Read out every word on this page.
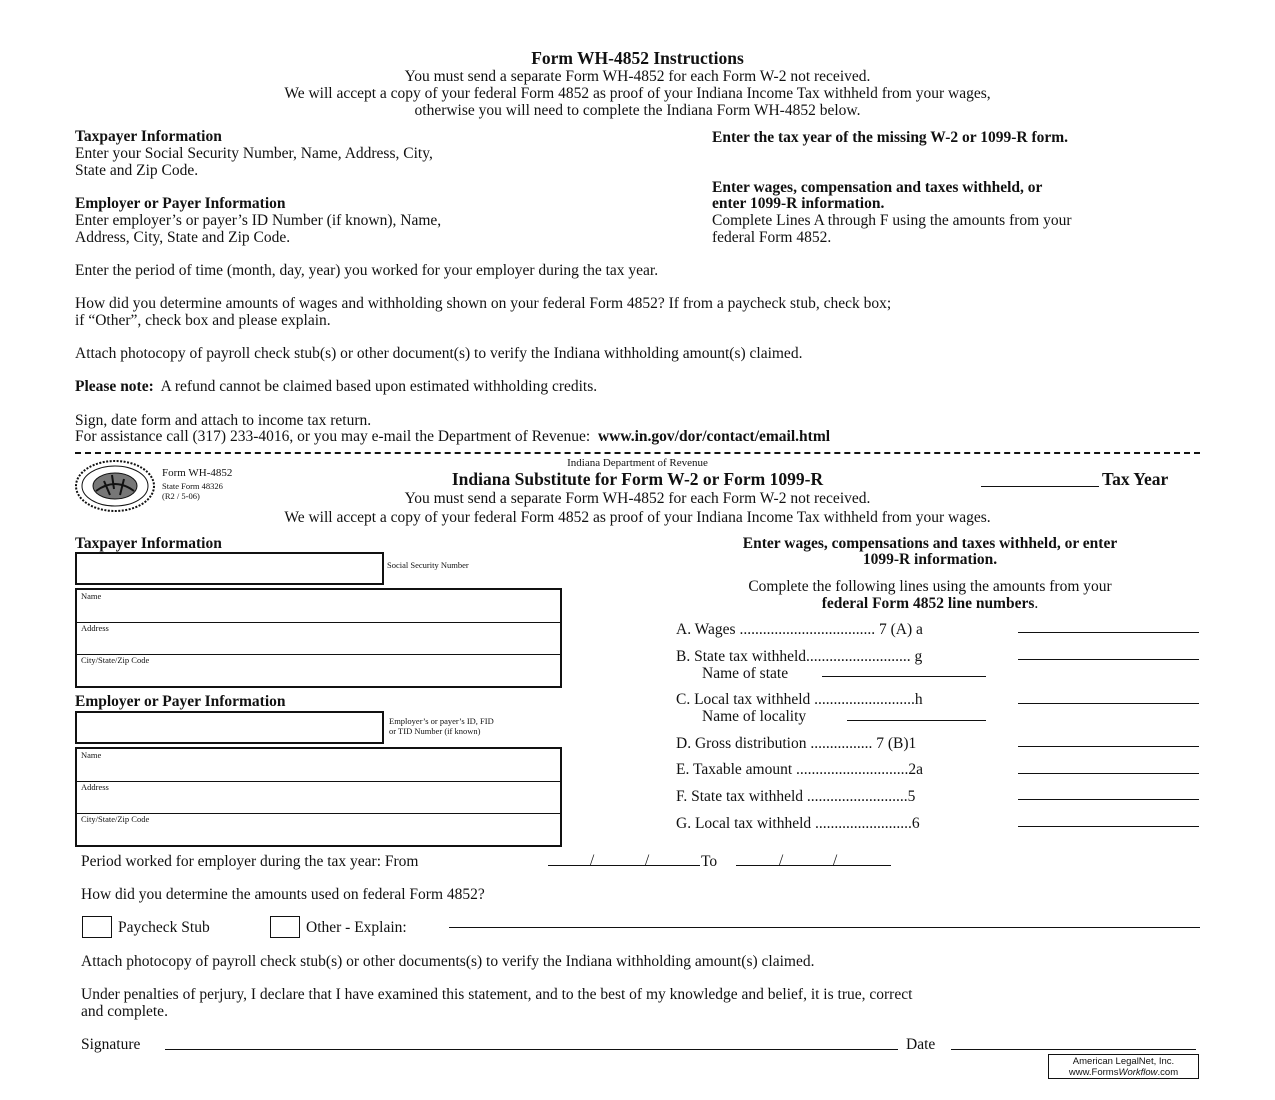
Form WH-4852 Instructions
You must send a separate Form WH-4852 for each Form W-2 not received.
We will accept a copy of your federal Form 4852 as proof of your Indiana Income Tax withheld from your wages,
otherwise you will need to complete the Indiana Form WH-4852 below.
Taxpayer Information
Enter your Social Security Number, Name, Address, City,
State and Zip Code.
Employer or Payer Information
Enter employer’s or payer’s ID Number (if known), Name,
Address, City, State and Zip Code.
Enter the tax year of the missing W-2 or 1099-R form.
Enter wages, compensation and taxes withheld, or
enter 1099-R information.
Complete Lines A through F using the amounts from your
federal Form 4852.
Enter the period of time (month, day, year) you worked for your employer during the tax year.
How did you determine amounts of wages and withholding shown on your federal Form 4852? If from a paycheck stub, check box;
if “Other”, check box and please explain.
Attach photocopy of payroll check stub(s) or other document(s) to verify the Indiana withholding amount(s) claimed.
Please note: A refund cannot be claimed based upon estimated withholding credits.
Sign, date form and attach to income tax return.
For assistance call (317) 233-4016, or you may e-mail the Department of Revenue: www.in.gov/dor/contact/email.html
Form WH-4852
State Form 48326
(R2 / 5-06)
Indiana Department of Revenue
Indiana Substitute for Form W-2 or Form 1099-R	Tax Year
You must send a separate Form WH-4852 for each Form W-2 not received.
We will accept a copy of your federal Form 4852 as proof of your Indiana Income Tax withheld from your wages.
Taxpayer Information
Social Security Number
Name
Address
City/State/Zip Code
Employer or Payer Information
Employer’s or payer’s ID, FID
or TID Number (if known)
Name
Address
City/State/Zip Code
Enter wages, compensations and taxes withheld, or enter
1099-R information.
Complete the following lines using the amounts from your
federal Form 4852 line numbers.
A. Wages ................................... 7 (A) a
B. State tax withheld........................... g
Name of state
C. Local tax withheld ..........................h
Name of locality
D. Gross distribution ................ 7 (B)1
E. Taxable amount .............................2a
F. State tax withheld ..........................5
G. Local tax withheld .........................6
Period worked for employer during the tax year: From	/	/	To	/	/
How did you determine the amounts used on federal Form 4852?
Paycheck Stub	Other - Explain:
Attach photocopy of payroll check stub(s) or other documents(s) to verify the Indiana withholding amount(s) claimed.
Under penalties of perjury, I declare that I have examined this statement, and to the best of my knowledge and belief, it is true, correct
and complete.
Signature	Date
American LegalNet, Inc.
www.FormsWorkflow.com
